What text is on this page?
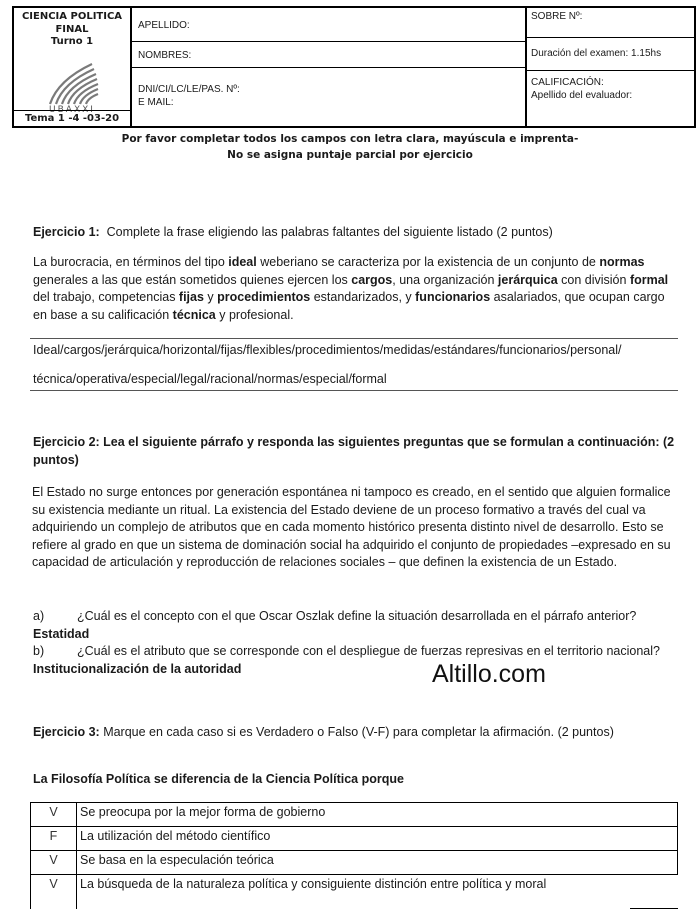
CIENCIA POLITICA
FINAL
Turno 1
UBAXXI
Tema 1 -4 -03-20
APELLIDO:
NOMBRES:
DNI/CI/LC/LE/PAS. Nº:
E MAIL:
SOBRE Nº:
Duración del examen: 1.15hs
CALIFICACIÓN:
Apellido del evaluador:
Por favor completar todos los campos con letra clara, mayúscula e imprenta-
No se asigna puntaje parcial por ejercicio
Ejercicio 1: Complete la frase eligiendo las palabras faltantes del siguiente listado (2 puntos)
La burocracia, en términos del tipo ideal weberiano se caracteriza por la existencia de un conjunto de normas generales a las que están sometidos quienes ejercen los cargos, una organización jerárquica con división formal del trabajo, competencias fijas y procedimientos estandarizados, y funcionarios asalariados, que ocupan cargo en base a su calificación técnica y profesional.
Ideal/cargos/jerárquica/horizontal/fijas/flexibles/procedimientos/medidas/estándares/funcionarios/personal/
técnica/operativa/especial/legal/racional/normas/especial/formal
Ejercicio 2: Lea el siguiente párrafo y responda las siguientes preguntas que se formulan a continuación: (2 puntos)
El Estado no surge entonces por generación espontánea ni tampoco es creado, en el sentido que alguien formalice su existencia mediante un ritual. La existencia del Estado deviene de un proceso formativo a través del cual va adquiriendo un complejo de atributos que en cada momento histórico presenta distinto nivel de desarrollo. Esto se refiere al grado en que un sistema de dominación social ha adquirido el conjunto de propiedades –expresado en su capacidad de articulación y reproducción de relaciones sociales – que definen la existencia de un Estado.
a)	¿Cuál es el concepto con el que Oscar Oszlak define la situación desarrollada en el párrafo anterior? Estatidad
b)	¿Cuál es el atributo que se corresponde con el despliegue de fuerzas represivas en el territorio nacional? Institucionalización de la autoridad	Altillo.com
Ejercicio 3: Marque en cada caso si es Verdadero o Falso (V-F) para completar la afirmación. (2 puntos)
La Filosofía Política se diferencia de la Ciencia Política porque
V	Se preocupa por la mejor forma de gobierno
F	La utilización del método científico
V	Se basa en la especulación teórica
V	La búsqueda de la naturaleza política y consiguiente distinción entre política y moral
